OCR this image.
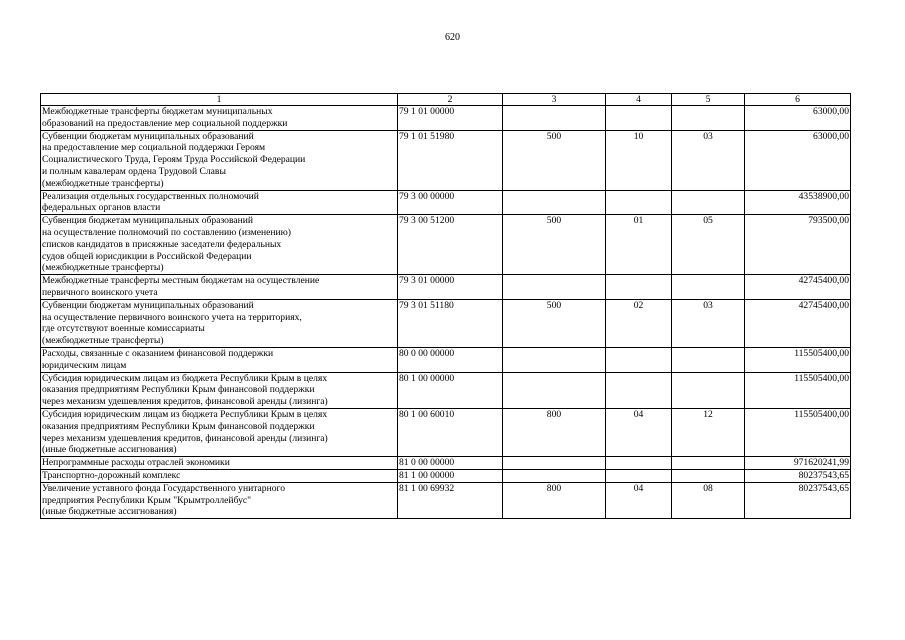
620
1	2	3	4	5	6
Межбюджетные трансферты бюджетам муниципальных
образований на предоставление мер социальной поддержки	79 1 01 00000				63000,00
Субвенции бюджетам муниципальных образований
на предоставление мер социальной поддержки Героям
Социалистического Труда, Героям Труда Российской Федерации
и полным кавалерам ордена Трудовой Славы
(межбюджетные трансферты)	79 1 01 51980	500	10	03	63000,00
Реализация отдельных государственных полномочий
федеральных органов власти	79 3 00 00000				43538900,00
Субвенция бюджетам муниципальных образований
на осуществление полномочий по составлению (изменению)
списков кандидатов в присяжные заседатели федеральных
судов общей юрисдикции в Российской Федерации
(межбюджетные трансферты)	79 3 00 51200	500	01	05	793500,00
Межбюджетные трансферты местным бюджетам на осуществление
первичного воинского учета	79 3 01 00000				42745400,00
Субвенции бюджетам муниципальных образований
на осуществление первичного воинского учета на территориях,
где отсутствуют военные комиссариаты
(межбюджетные трансферты)	79 3 01 51180	500	02	03	42745400,00
Расходы, связанные с оказанием финансовой поддержки
юридическим лицам	80 0 00 00000				115505400,00
Субсидия юридическим лицам из бюджета Республики Крым в целях
оказания предприятиям Республики Крым финансовой поддержки
через механизм удешевления кредитов, финансовой аренды (лизинга)	80 1 00 00000				115505400,00
Субсидия юридическим лицам из бюджета Республики Крым в целях
оказания предприятиям Республики Крым финансовой поддержки
через механизм удешевления кредитов, финансовой аренды (лизинга)
(иные бюджетные ассигнования)	80 1 00 60010	800	04	12	115505400,00
Непрограммные расходы отраслей экономики	81 0 00 00000				971620241,99
Транспортно-дорожный комплекс	81 1 00 00000				80237543,65
Увеличение уставного фонда Государственного унитарного
предприятия Республики Крым "Крымтроллейбус"
(иные бюджетные ассигнования)	81 1 00 69932	800	04	08	80237543,65
